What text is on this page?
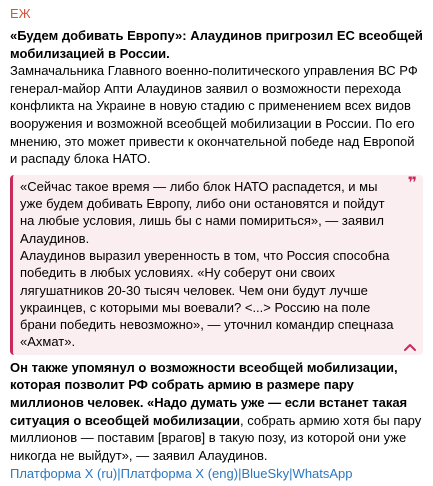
ЕЖ

«Будем добивать Европу»: Алаудинов пригрозил ЕС всеобщей мобилизацией в России.

Замначальника Главного военно-политического управления ВС РФ генерал-майор Апти Алаудинов заявил о возможности перехода конфликта на Украине в новую стадию с применением всех видов вооружения и возможной всеобщей мобилизации в России. По его мнению, это может привести к окончательной победе над Европой и распаду блока НАТО.

❞

«Сейчас такое время — либо блок НАТО распадется, и мы уже будем добивать Европу, либо они остановятся и пойдут на любые условия, лишь бы с нами помириться», — заявил Алаудинов.

Алаудинов выразил уверенность в том, что Россия способна победить в любых условиях. «Ну соберут они своих лягушатников 20-30 тысяч человек. Чем они будут лучше украинцев, с которыми мы воевали? <...> Россию на поле брани победить невозможно», — уточнил командир спецназа «Ахмат».

Он также упомянул о возможности всеобщей мобилизации, которая позволит РФ собрать армию в размере пару миллионов человек. «Надо думать уже — если встанет такая ситуация о всеобщей мобилизации, собрать армию хотя бы пару миллионов — поставим [врагов] в такую позу, из которой они уже никогда не выйдут», — заявил Алаудинов.

Платформа X (ru)|Платформа X (eng)|BlueSky|WhatsApp
